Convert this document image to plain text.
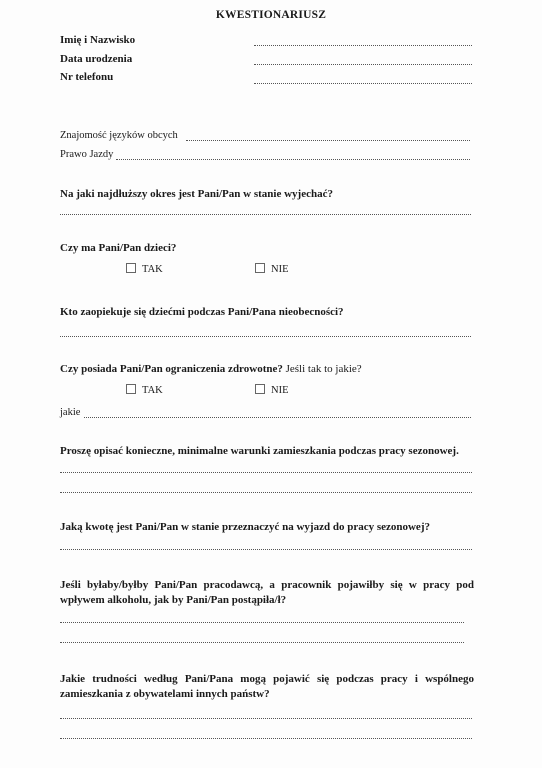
KWESTIONARIUSZ
Imię i Nazwisko
Data urodzenia
Nr telefonu
Znajomość języków obcych
Prawo Jazdy
Na jaki najdłuższy okres jest Pani/Pan w stanie wyjechać?
Czy ma Pani/Pan dzieci?
TAK	NIE
Kto zaopiekuje się dziećmi podczas Pani/Pana nieobecności?
Czy posiada Pani/Pan ograniczenia zdrowotne? Jeśli tak to jakie?
TAK	NIE
jakie
Proszę opisać konieczne, minimalne warunki zamieszkania podczas pracy sezonowej.
Jaką kwotę jest Pani/Pan w stanie przeznaczyć na wyjazd do pracy sezonowej?
Jeśli byłaby/byłby Pani/Pan pracodawcą, a pracownik pojawiłby się w pracy pod wpływem alkoholu, jak by Pani/Pan postąpiła/ł?
Jakie trudności według Pani/Pana mogą pojawić się podczas pracy i wspólnego zamieszkania z obywatelami innych państw?
